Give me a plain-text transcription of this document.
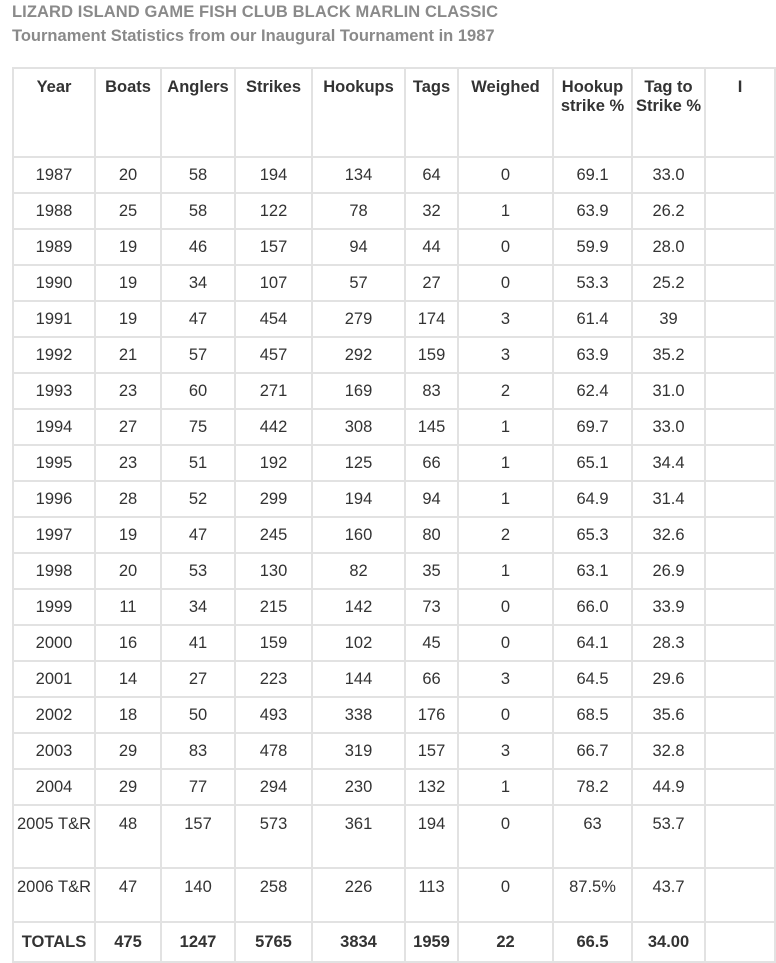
LIZARD ISLAND GAME FISH CLUB BLACK MARLIN CLASSIC
Tournament Statistics from our Inaugural Tournament in 1987
Year	Boats	Anglers	Strikes	Hookups	Tags	Weighed	Hookup strike %	Tag to Strike %	I
1987	20	58	194	134	64	0	69.1	33.0	
1988	25	58	122	78	32	1	63.9	26.2	
1989	19	46	157	94	44	0	59.9	28.0	
1990	19	34	107	57	27	0	53.3	25.2	
1991	19	47	454	279	174	3	61.4	39	
1992	21	57	457	292	159	3	63.9	35.2	
1993	23	60	271	169	83	2	62.4	31.0	
1994	27	75	442	308	145	1	69.7	33.0	
1995	23	51	192	125	66	1	65.1	34.4	
1996	28	52	299	194	94	1	64.9	31.4	
1997	19	47	245	160	80	2	65.3	32.6	
1998	20	53	130	82	35	1	63.1	26.9	
1999	11	34	215	142	73	0	66.0	33.9	
2000	16	41	159	102	45	0	64.1	28.3	
2001	14	27	223	144	66	3	64.5	29.6	
2002	18	50	493	338	176	0	68.5	35.6	
2003	29	83	478	319	157	3	66.7	32.8	
2004	29	77	294	230	132	1	78.2	44.9	
2005 T&R	48	157	573	361	194	0	63	53.7	
2006 T&R	47	140	258	226	113	0	87.5%	43.7	
TOTALS	475	1247	5765	3834	1959	22	66.5	34.00	
